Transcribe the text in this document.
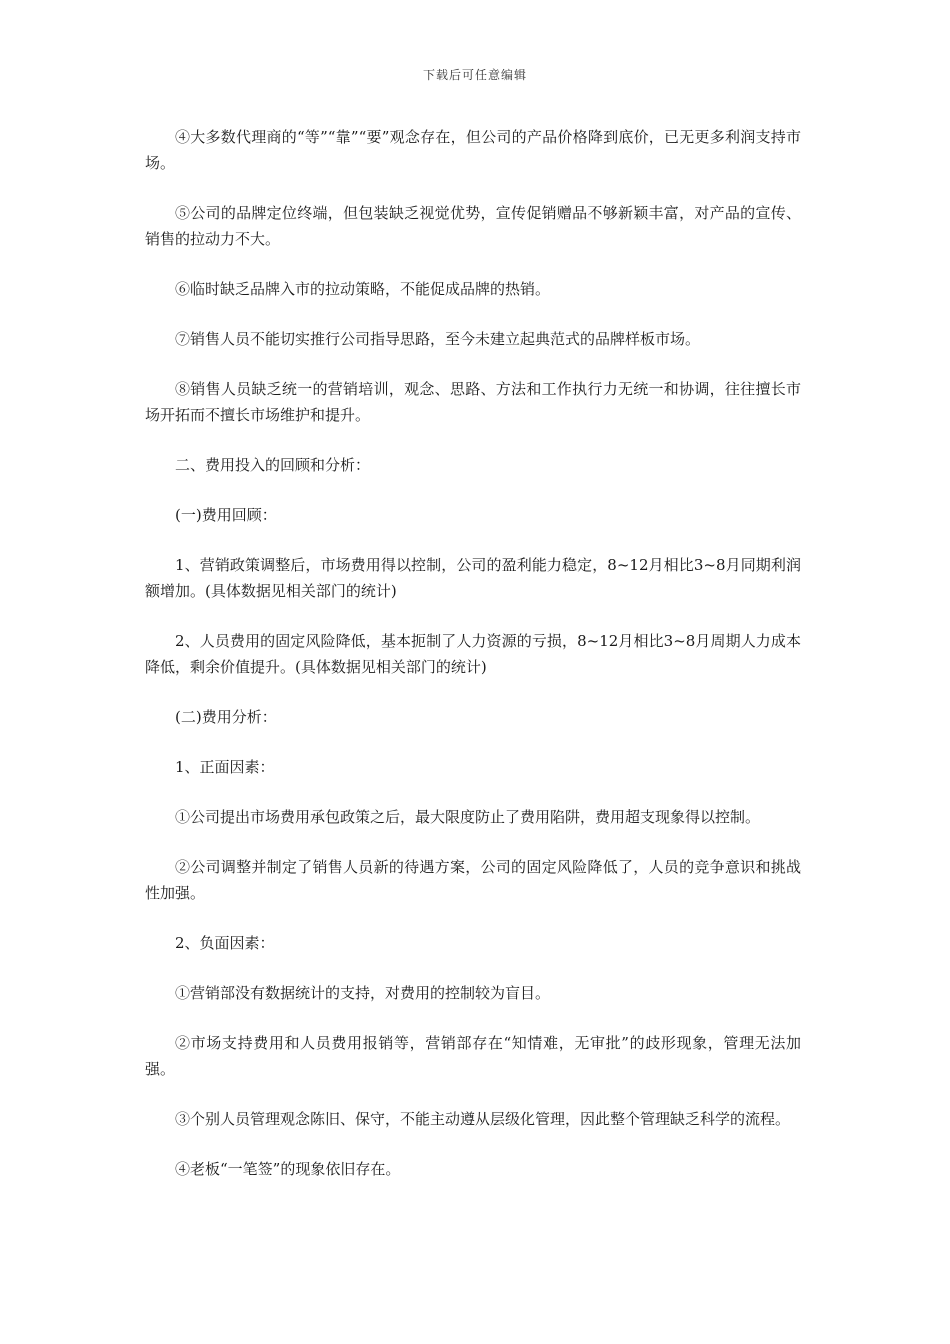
下载后可任意编辑

④大多数代理商的“等”“靠”“要”观念存在，但公司的产品价格降到底价，已无更多利润支持市场。

⑤公司的品牌定位终端，但包装缺乏视觉优势，宣传促销赠品不够新颖丰富，对产品的宣传、销售的拉动力不大。

⑥临时缺乏品牌入市的拉动策略，不能促成品牌的热销。

⑦销售人员不能切实推行公司指导思路，至今未建立起典范式的品牌样板市场。

⑧销售人员缺乏统一的营销培训，观念、思路、方法和工作执行力无统一和协调，往往擅长市场开拓而不擅长市场维护和提升。

二、费用投入的回顾和分析：

(一)费用回顾：

1、营销政策调整后，市场费用得以控制，公司的盈利能力稳定，8~12月相比3~8月同期利润额增加。(具体数据见相关部门的统计)

2、人员费用的固定风险降低，基本扼制了人力资源的亏损，8~12月相比3~8月周期人力成本降低，剩余价值提升。(具体数据见相关部门的统计)

(二)费用分析：

1、正面因素：

①公司提出市场费用承包政策之后，最大限度防止了费用陷阱，费用超支现象得以控制。

②公司调整并制定了销售人员新的待遇方案，公司的固定风险降低了，人员的竞争意识和挑战性加强。

2、负面因素：

①营销部没有数据统计的支持，对费用的控制较为盲目。

②市场支持费用和人员费用报销等，营销部存在“知情难，无审批”的歧形现象，管理无法加强。

③个别人员管理观念陈旧、保守，不能主动遵从层级化管理，因此整个管理缺乏科学的流程。

④老板“一笔签”的现象依旧存在。
